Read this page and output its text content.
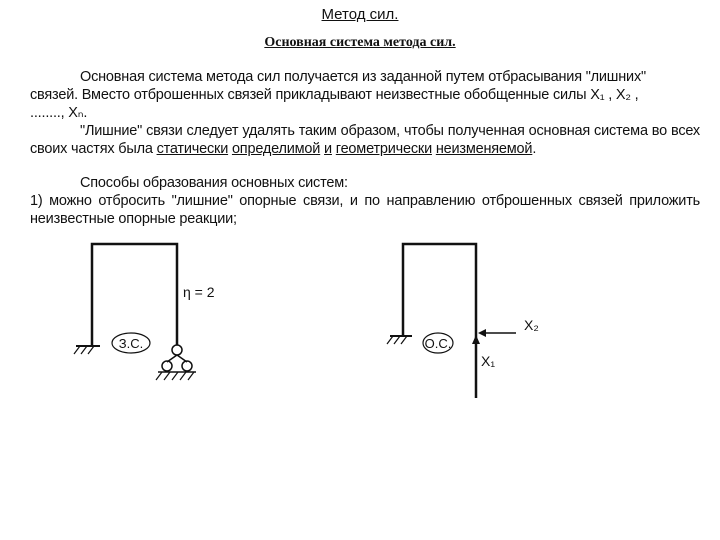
Метод сил.
Основная система метода сил.
Основная система метода сил получается из заданной путем отбрасывания "лишних"
связей. Вместо отброшенных связей прикладывают неизвестные обобщенные силы X₁ , X₂ ,
........, Xₙ.
"Лишние" связи следует удалять таким образом, чтобы полученная основная система во всех своих частях была статически определимой и геометрически неизменяемой.
Способы образования основных систем:
1) можно отбросить "лишние" опорные связи, и по направлению отброшенных связей приложить неизвестные опорные реакции;
З.С.
η = 2
О.С.
X₂
X₁
